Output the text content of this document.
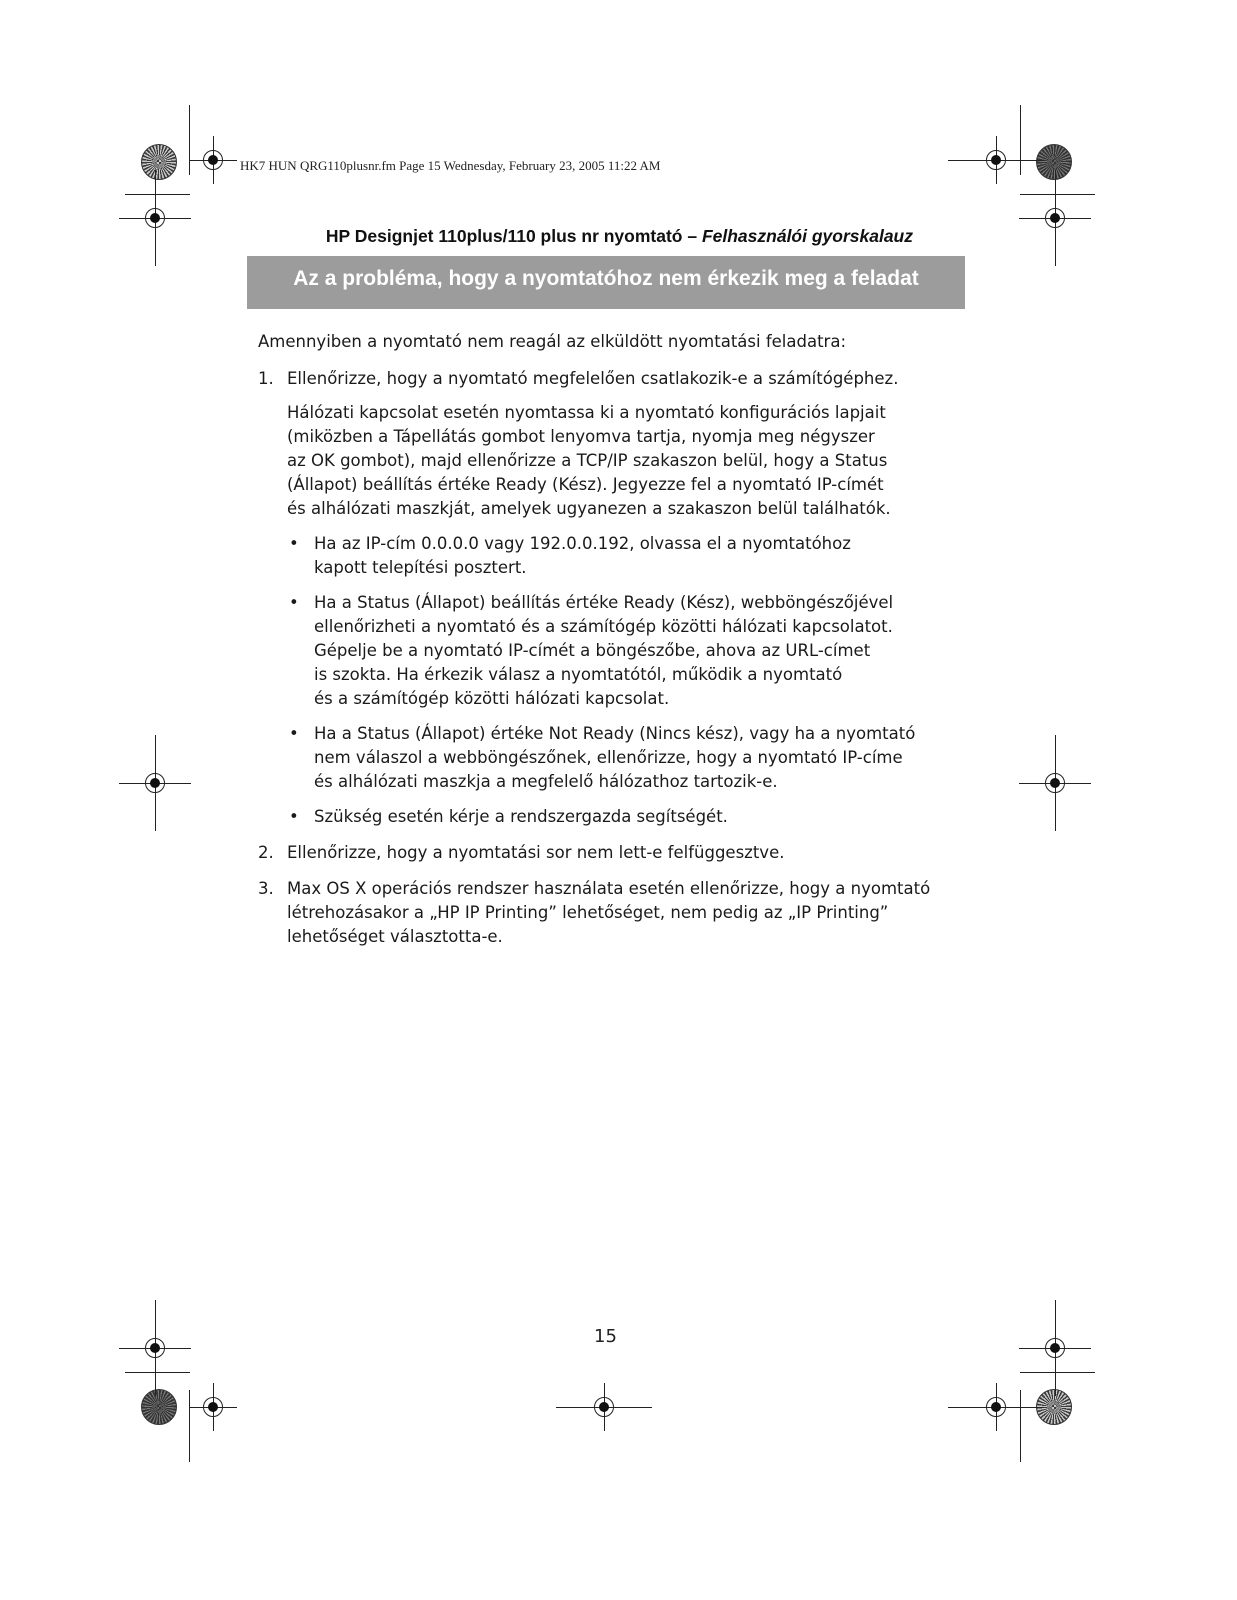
HK7 HUN QRG110plusnr.fm Page 15 Wednesday, February 23, 2005 11:22 AM
HP Designjet 110plus/110 plus nr nyomtató – Felhasználói gyorskalauz
Az a probléma, hogy a nyomtatóhoz nem érkezik meg a feladat
Amennyiben a nyomtató nem reagál az elküldött nyomtatási feladatra:
1. Ellenőrizze, hogy a nyomtató megfelelően csatlakozik-e a számítógéphez.

Hálózati kapcsolat esetén nyomtassa ki a nyomtató konfigurációs lapjait
(miközben a Tápellátás gombot lenyomva tartja, nyomja meg négyszer
az OK gombot), majd ellenőrizze a TCP/IP szakaszon belül, hogy a Status
(Állapot) beállítás értéke Ready (Kész). Jegyezze fel a nyomtató IP-címét
és alhálózati maszkját, amelyek ugyanezen a szakaszon belül találhatók.

• Ha az IP-cím 0.0.0.0 vagy 192.0.0.192, olvassa el a nyomtatóhoz
kapott telepítési posztert.

• Ha a Status (Állapot) beállítás értéke Ready (Kész), webböngészőjével
ellenőrizheti a nyomtató és a számítógép közötti hálózati kapcsolatot.
Gépelje be a nyomtató IP-címét a böngészőbe, ahova az URL-címet
is szokta. Ha érkezik válasz a nyomtatótól, működik a nyomtató
és a számítógép közötti hálózati kapcsolat.

• Ha a Status (Állapot) értéke Not Ready (Nincs kész), vagy ha a nyomtató
nem válaszol a webböngészőnek, ellenőrizze, hogy a nyomtató IP-címe
és alhálózati maszkja a megfelelő hálózathoz tartozik-e.

• Szükség esetén kérje a rendszergazda segítségét.

2. Ellenőrizze, hogy a nyomtatási sor nem lett-e felfüggesztve.

3. Max OS X operációs rendszer használata esetén ellenőrizze, hogy a nyomtató
létrehozásakor a „HP IP Printing” lehetőséget, nem pedig az „IP Printing”
lehetőséget választotta-e.

15
